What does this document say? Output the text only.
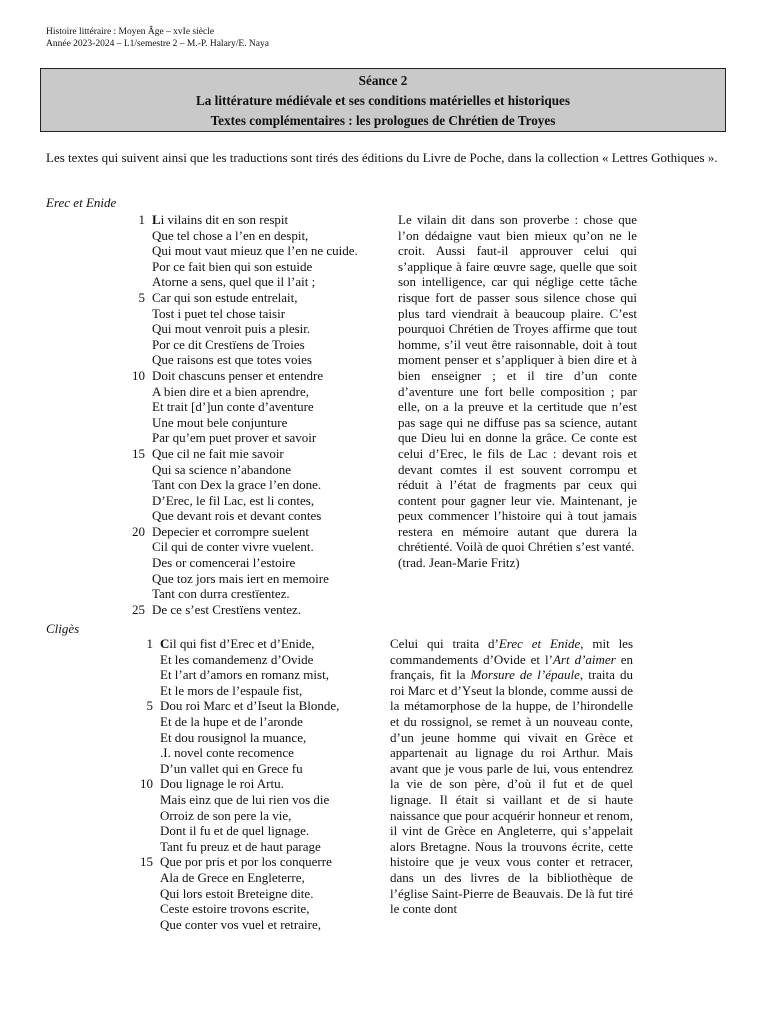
Histoire littéraire : Moyen Âge – xvIe siècle
Année 2023-2024 – L1/semestre 2 – M.-P. Halary/E. Naya
Séance 2
La littérature médiévale et ses conditions matérielles et historiques
Textes complémentaires : les prologues de Chrétien de Troyes
Les textes qui suivent ainsi que les traductions sont tirés des éditions du Livre de Poche, dans la collection « Lettres Gothiques ».
Erec et Enide
1 Li vilains dit en son respit
Que tel chose a l’en en despit,
Qui mout vaut mieuz que l’en ne cuide.
Por ce fait bien qui son estuide
Atorne a sens, quel que il l’ait ;
5 Car qui son estude entrelait,
Tost i puet tel chose taisir
Qui mout venroit puis a plesir.
Por ce dit Crestïens de Troies
Que raisons est que totes voies
10 Doit chascuns penser et entendre
A bien dire et a bien aprendre,
Et trait [d’]un conte d’aventure
Une mout bele conjunture
Par qu’em puet prover et savoir
15 Que cil ne fait mie savoir
Qui sa science n’abandone
Tant con Dex la grace l’en done.
D’Erec, le fil Lac, est li contes,
Que devant rois et devant contes
20 Depecier et corrompre suelent
Cil qui de conter vivre vuelent.
Des or comencerai l’estoire
Que toz jors mais iert en memoire
Tant con durra crestïentez.
25 De ce s’est Crestïens ventez.
Le vilain dit dans son proverbe : chose que l’on dédaigne vaut bien mieux qu’on ne le croit. Aussi faut-il approuver celui qui s’applique à faire œuvre sage, quelle que soit son intelligence, car qui néglige cette tâche risque fort de passer sous silence chose qui plus tard viendrait à beaucoup plaire. C’est pourquoi Chrétien de Troyes affirme que tout homme, s’il veut être raisonnable, doit à tout moment penser et s’appliquer à bien dire et à bien enseigner ; et il tire d’un conte d’aventure une fort belle composition ; par elle, on a la preuve et la certitude que n’est pas sage qui ne diffuse pas sa science, autant que Dieu lui en donne la grâce. Ce conte est celui d’Erec, le fils de Lac : devant rois et devant comtes il est souvent corrompu et réduit à l’état de fragments par ceux qui content pour gagner leur vie. Maintenant, je peux commencer l’histoire qui à tout jamais restera en mémoire autant que durera la chrétienté. Voilà de quoi Chrétien s’est vanté.
(trad. Jean-Marie Fritz)
Cligès
1 Cil qui fist d’Erec et d’Enide,
Et les comandemenz d’Ovide
Et l’art d’amors en romanz mist,
Et le mors de l’espaule fist,
5 Dou roi Marc et d’Iseut la Blonde,
Et de la hupe et de l’aronde
Et dou rousignol la muance,
.I. novel conte recomence
D’un vallet qui en Grece fu
10 Dou lignage le roi Artu.
Mais einz que de lui rien vos die
Orroiz de son pere la vie,
Dont il fu et de quel lignage.
Tant fu preuz et de haut parage
15 Que por pris et por los conquerre
Ala de Grece en Engleterre,
Qui lors estoit Breteigne dite.
Ceste estoire trovons escrite,
Que conter vos vuel et retraire,
Celui qui traita d’Erec et Enide, mit les commandements d’Ovide et l’Art d’aimer en français, fit la Morsure de l’épaule, traita du roi Marc et d’Yseut la blonde, comme aussi de la métamorphose de la huppe, de l’hirondelle et du rossignol, se remet à un nouveau conte, d’un jeune homme qui vivait en Grèce et appartenait au lignage du roi Arthur. Mais avant que je vous parle de lui, vous entendrez la vie de son père, d’où il fut et de quel lignage. Il était si vaillant et de si haute naissance que pour acquérir honneur et renom, il vint de Grèce en Angleterre, qui s’appelait alors Bretagne. Nous la trouvons écrite, cette histoire que je veux vous conter et retracer, dans un des livres de la bibliothèque de l’église Saint-Pierre de Beauvais. De là fut tiré le conte dont
